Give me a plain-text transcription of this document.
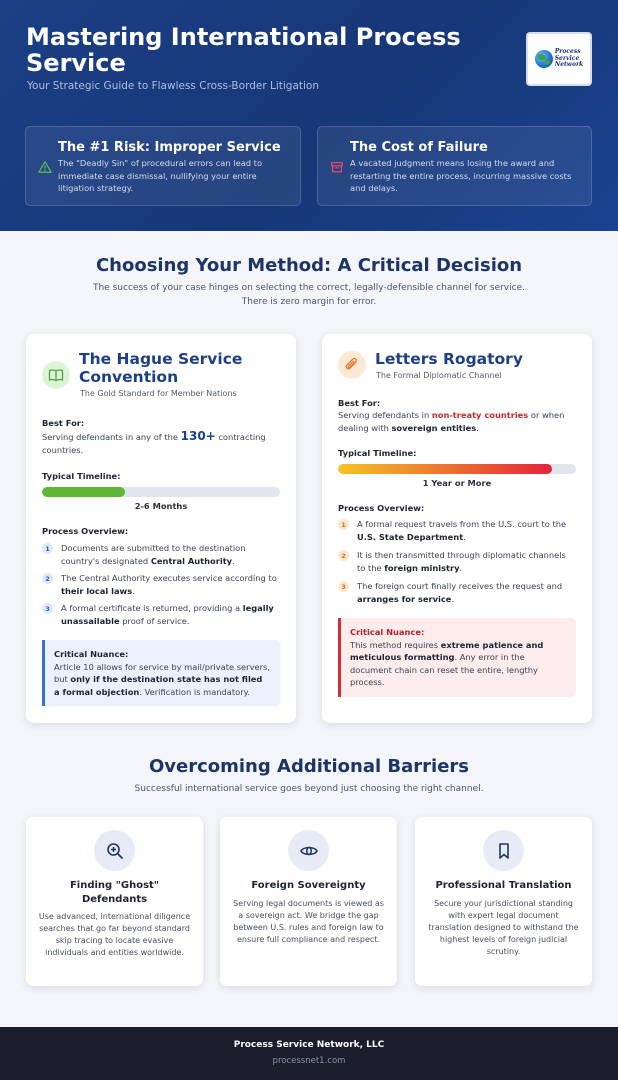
Mastering International Process Service
Your Strategic Guide to Flawless Cross-Border Litigation
Process
Service
Network
The #1 Risk: Improper Service

The "Deadly Sin" of procedural errors can lead to immediate case dismissal, nullifying your entire litigation strategy.

The Cost of Failure

A vacated judgment means losing the award and restarting the entire process, incurring massive costs and delays.

Choosing Your Method: A Critical Decision
The success of your case hinges on selecting the correct, legally-defensible channel for service.
There is zero margin for error.
The Hague Service Convention
The Gold Standard for Member Nations
Best For:
Serving defendants in any of the 130+ contracting countries.
Typical Timeline:
2-6 Months
Process Overview:
1	Documents are submitted to the destination country's designated Central Authority.
2	The Central Authority executes service according to their local laws.
3	A formal certificate is returned, providing a legally unassailable proof of service.
Critical Nuance:
Article 10 allows for service by mail/private servers, but only if the destination state has not filed a formal objection. Verification is mandatory.
Letters Rogatory
The Formal Diplomatic Channel
Best For:
Serving defendants in non-treaty countries or when dealing with sovereign entities.
Typical Timeline:
1 Year or More
Process Overview:
1	A formal request travels from the U.S. court to the U.S. State Department.
2	It is then transmitted through diplomatic channels to the foreign ministry.
3	The foreign court finally receives the request and arranges for service.
Critical Nuance:
This method requires extreme patience and meticulous formatting. Any error in the document chain can reset the entire, lengthy process.
Overcoming Additional Barriers
Successful international service goes beyond just choosing the right channel.
Finding "Ghost" Defendants

Use advanced, international diligence searches that go far beyond standard skip tracing to locate evasive individuals and entities worldwide.

Foreign Sovereignty

Serving legal documents is viewed as a sovereign act. We bridge the gap between U.S. rules and foreign law to ensure full compliance and respect.

Professional Translation

Secure your jurisdictional standing with expert legal document translation designed to withstand the highest levels of foreign judicial scrutiny.

Process Service Network, LLC
processnet1.com
